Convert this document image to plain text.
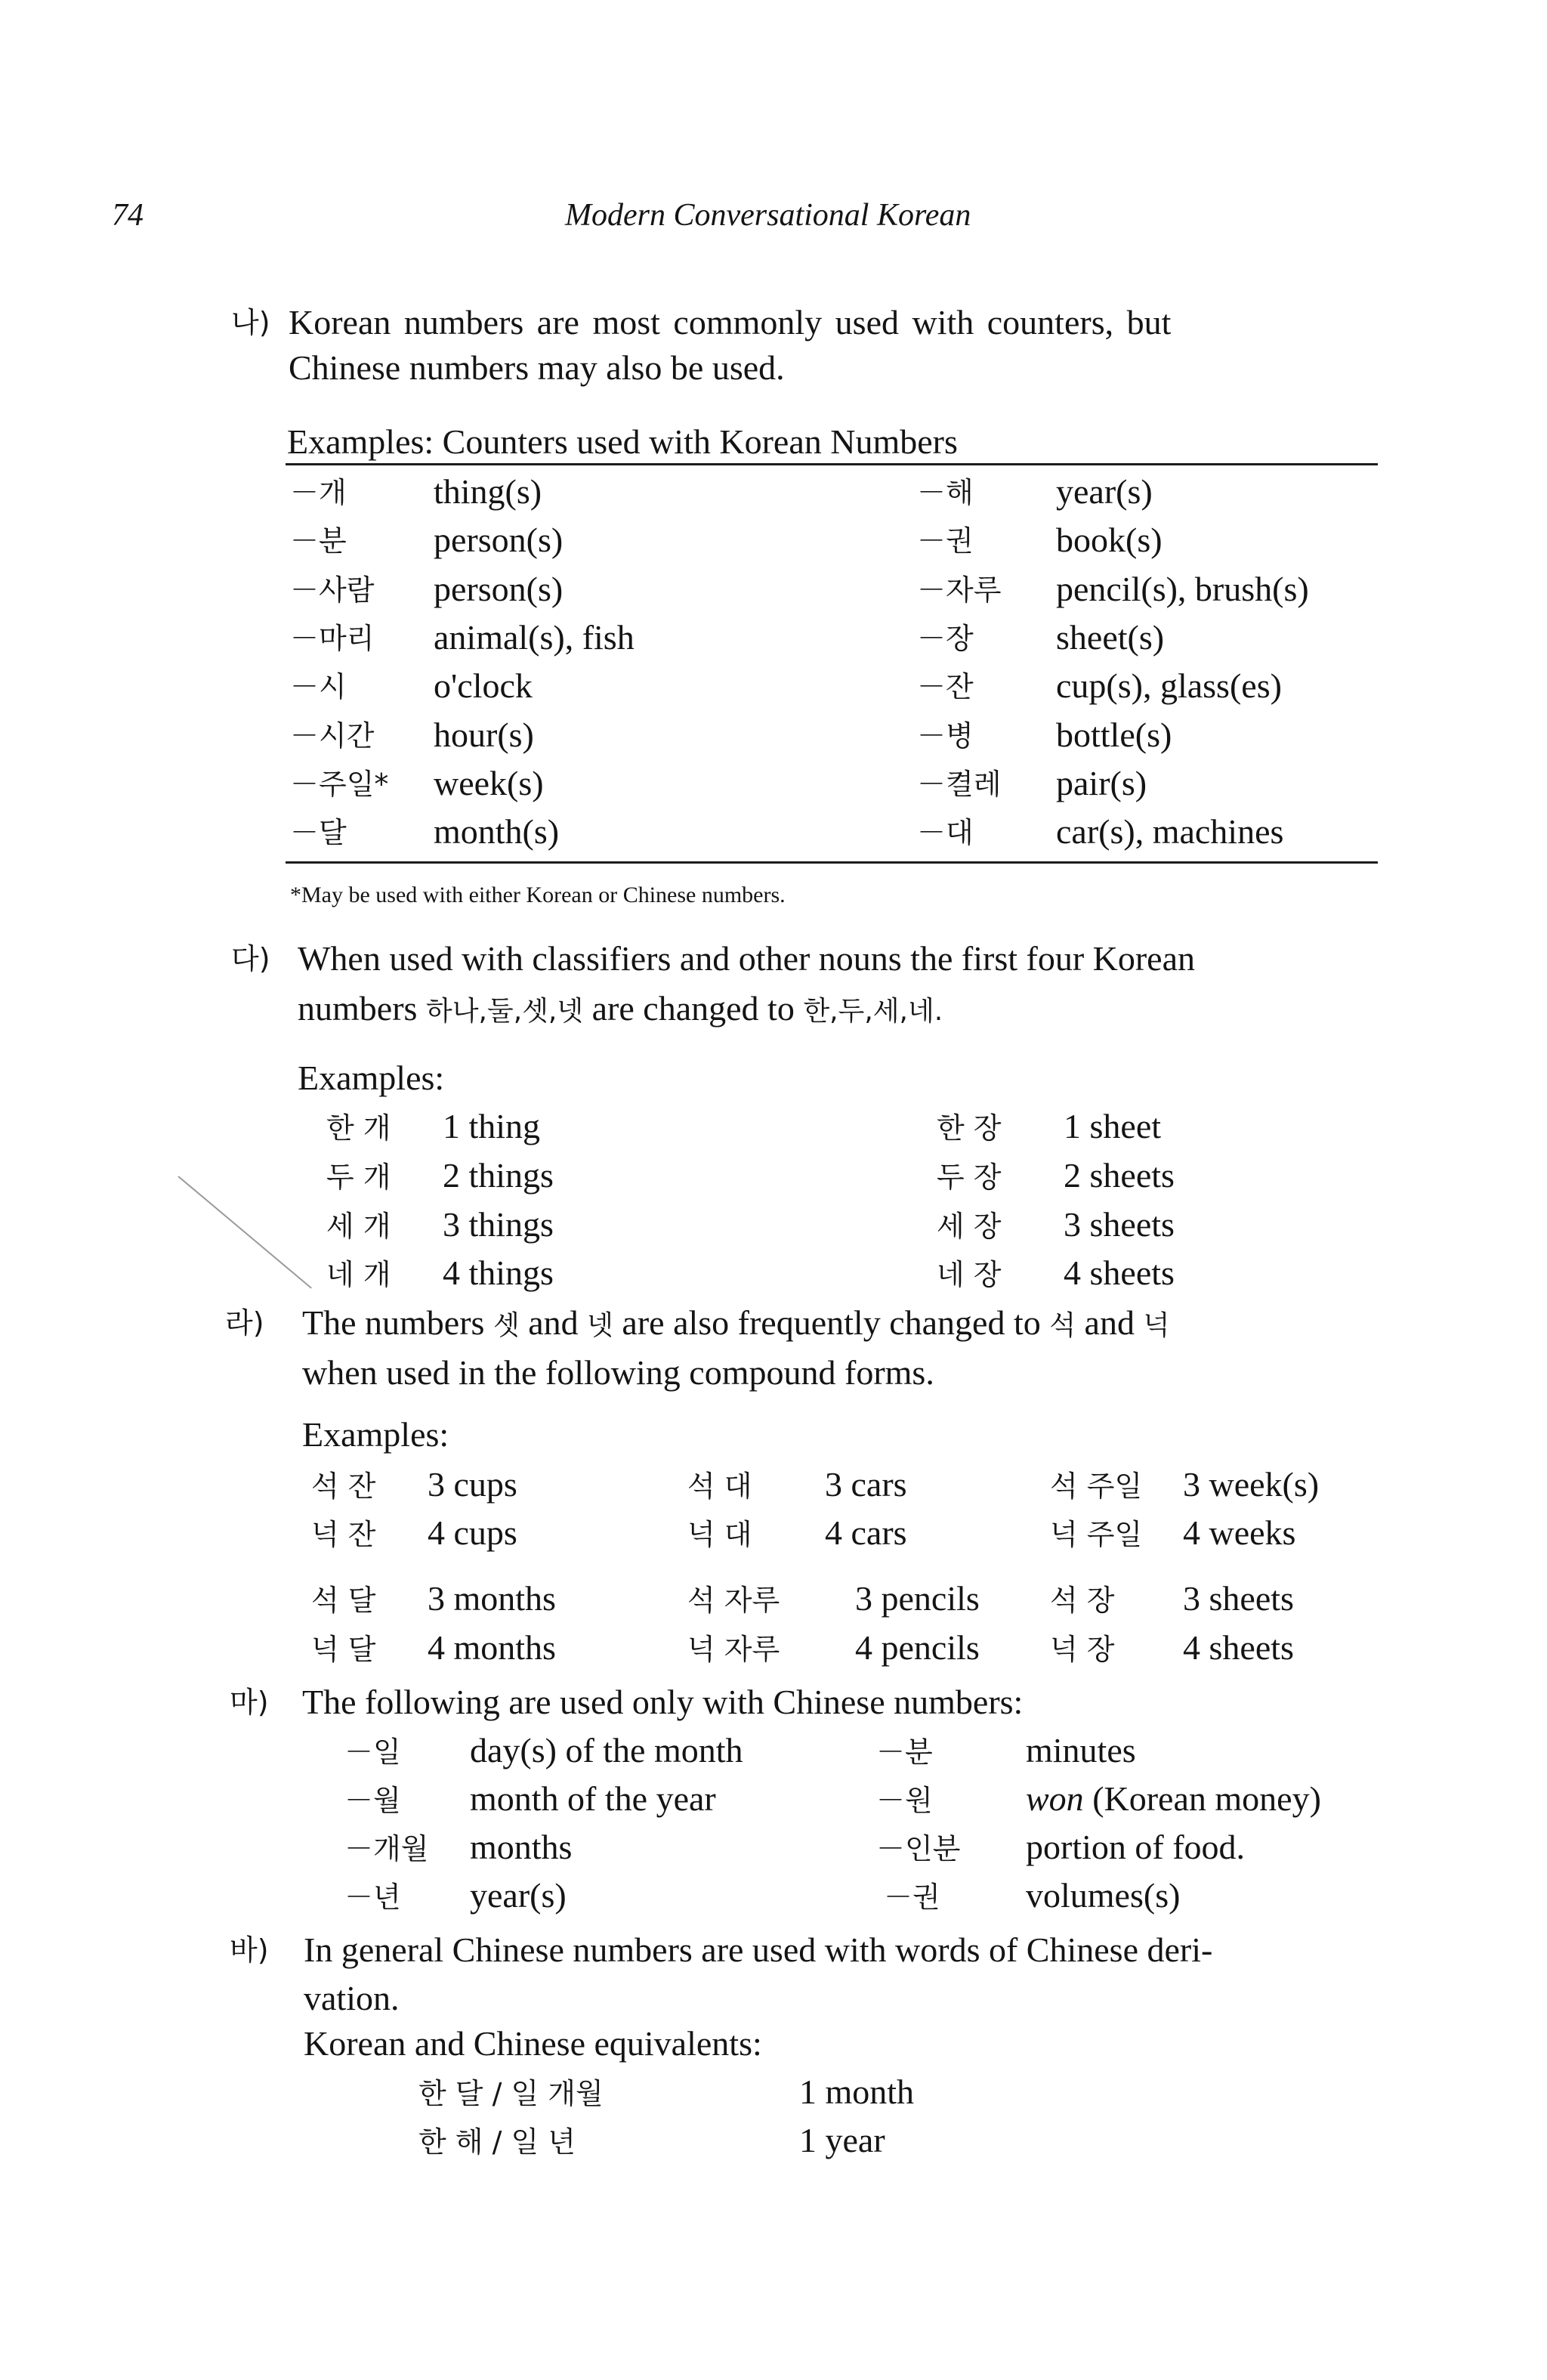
74	Modern Conversational Korean
나) Korean numbers are most commonly used with counters, but
Chinese numbers may also be used.
Examples: Counters used with Korean Numbers
－개	thing(s)	－해 year(s)
－분	person(s)	－권 book(s)
－사람 person(s)	－자루 pencil(s), brush(s)
－마리 animal(s), fish	－장 sheet(s)
－시	o'clock	－잔 cup(s), glass(es)
－시간 hour(s)	－병 bottle(s)
－주일* week(s)	－켤레 pair(s)
－달	month(s)	－대 car(s), machines
*May be used with either Korean or Chinese numbers.
다) When used with classifiers and other nouns the first four Korean
numbers 하나,둘,셋,넷 are changed to 한,두,세,네.
Examples:
한 개 1 thing	한 장 1 sheet
두 개 2 things	두 장 2 sheets
세 개 3 things	세 장 3 sheets
네 개 4 things	네 장 4 sheets
라) The numbers 셋 and 넷 are also frequently changed to 석 and 넉
when used in the following compound forms.
Examples:
석 잔 3 cups	석 대 3 cars	석 주일 3 week(s)
넉 잔 4 cups	넉 대 4 cars	넉 주일 4 weeks
석 달 3 months	석 자루 3 pencils 석 장 3 sheets
넉 달 4 months	넉 자루 4 pencils 넉 장 4 sheets
마) The following are used only with Chinese numbers:
－일 day(s) of the month	－분	minutes
－월 month of the year	－원	won (Korean money)
－개월 months	－인분 portion of food.
－년 year(s)	－권 volumes(s)
바) In general Chinese numbers are used with words of Chinese deri-
vation.
Korean and Chinese equivalents:
한 달 / 일 개월	1 month
한 해 / 일 년	1 year
